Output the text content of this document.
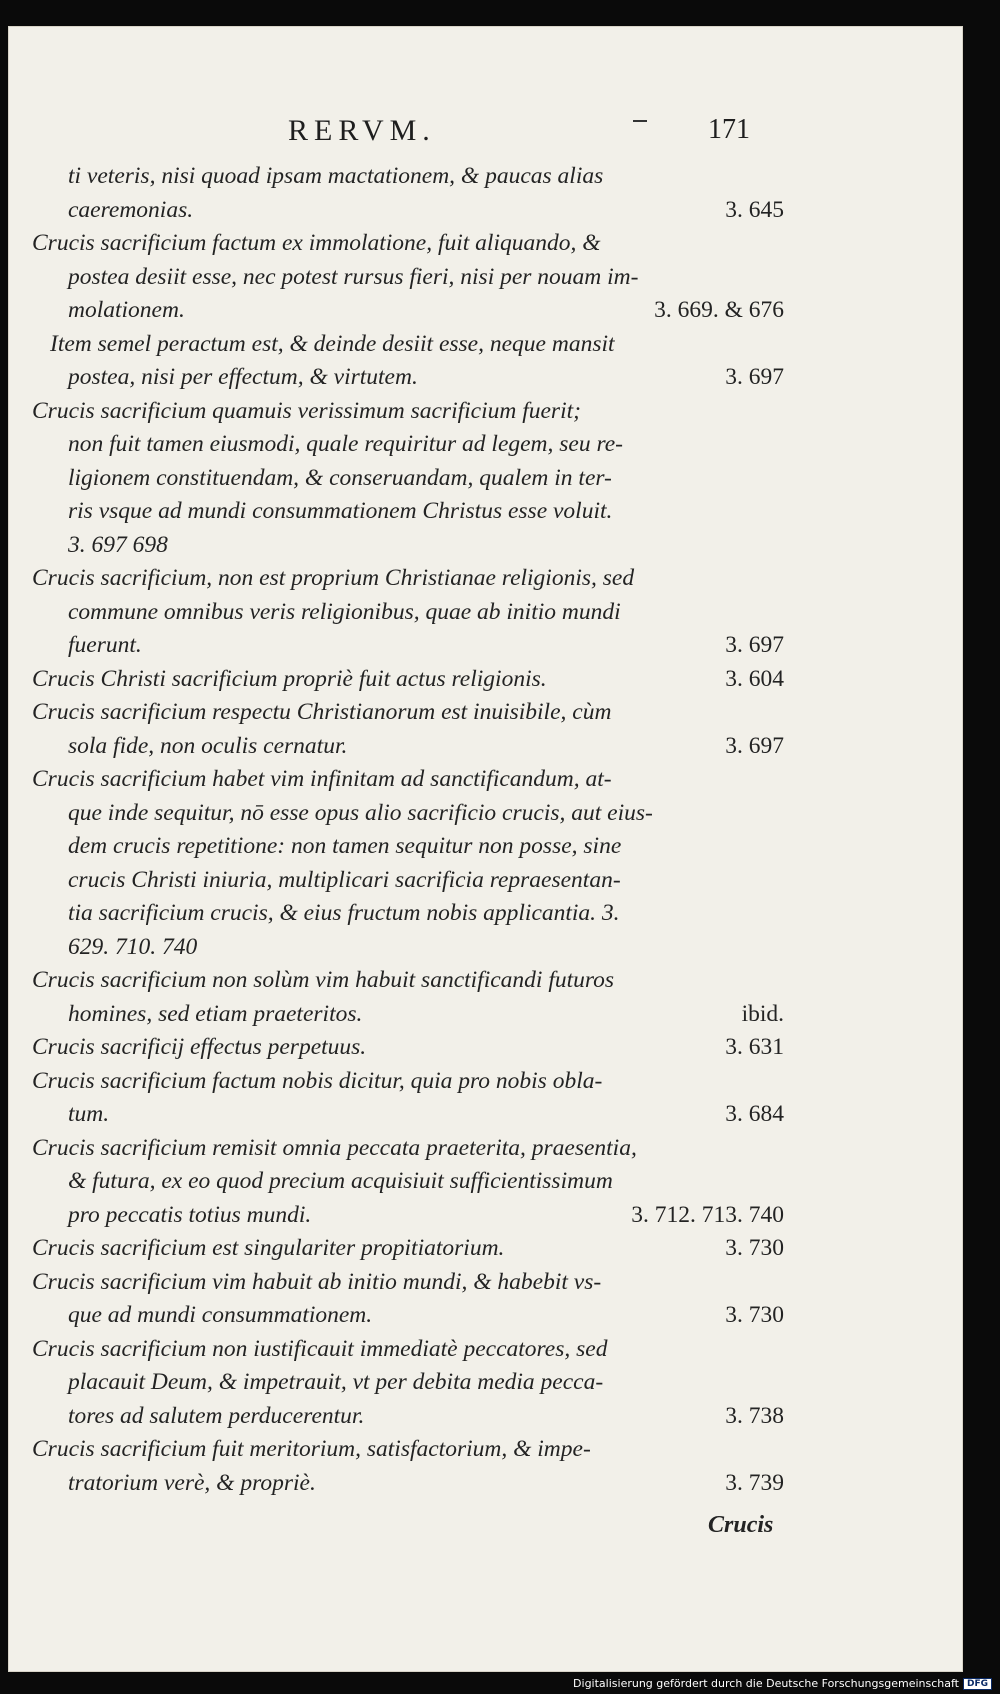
RERVM.	171
ti veteris, nisi quoad ipsam mactationem, & paucas alias
caeremonias.	3. 645
Crucis sacrificium factum ex immolatione, fuit aliquando, &
postea desiit esse, nec potest rursus fieri, nisi per nouam im-
molationem.	3. 669. & 676
Item semel peractum est, & deinde desiit esse, neque mansit
postea, nisi per effectum, & virtutem.	3. 697
Crucis sacrificium quamuis verissimum sacrificium fuerit;
non fuit tamen eiusmodi, quale requiritur ad legem, seu re-
ligionem constituendam, & conseruandam, qualem in ter-
ris vsque ad mundi consummationem Christus esse voluit.
3. 697 698
Crucis sacrificium, non est proprium Christianae religionis, sed
commune omnibus veris religionibus, quae ab initio mundi
fuerunt.	3. 697
Crucis Christi sacrificium propriè fuit actus religionis.	3. 604
Crucis sacrificium respectu Christianorum est inuisibile, cùm
sola fide, non oculis cernatur.	3. 697
Crucis sacrificium habet vim infinitam ad sanctificandum, at-
que inde sequitur, nō esse opus alio sacrificio crucis, aut eius-
dem crucis repetitione: non tamen sequitur non posse, sine
crucis Christi iniuria, multiplicari sacrificia repraesentan-
tia sacrificium crucis, & eius fructum nobis applicantia. 3.
629. 710. 740
Crucis sacrificium non solùm vim habuit sanctificandi futuros
homines, sed etiam praeteritos.	ibid.
Crucis sacrificij effectus perpetuus.	3. 631
Crucis sacrificium factum nobis dicitur, quia pro nobis obla-
tum.	3. 684
Crucis sacrificium remisit omnia peccata praeterita, praesentia,
& futura, ex eo quod precium acquisiuit sufficientissimum
pro peccatis totius mundi.	3. 712. 713. 740
Crucis sacrificium est singulariter propitiatorium.	3. 730
Crucis sacrificium vim habuit ab initio mundi, & habebit vs-
que ad mundi consummationem.	3. 730
Crucis sacrificium non iustificauit immediatè peccatores, sed
placauit Deum, & impetrauit, vt per debita media pecca-
tores ad salutem perducerentur.	3. 738
Crucis sacrificium fuit meritorium, satisfactorium, & impe-
tratorium verè, & propriè.	3. 739
Crucis
Digitalisierung gefördert durch die Deutsche Forschungsgemeinschaft DFG
